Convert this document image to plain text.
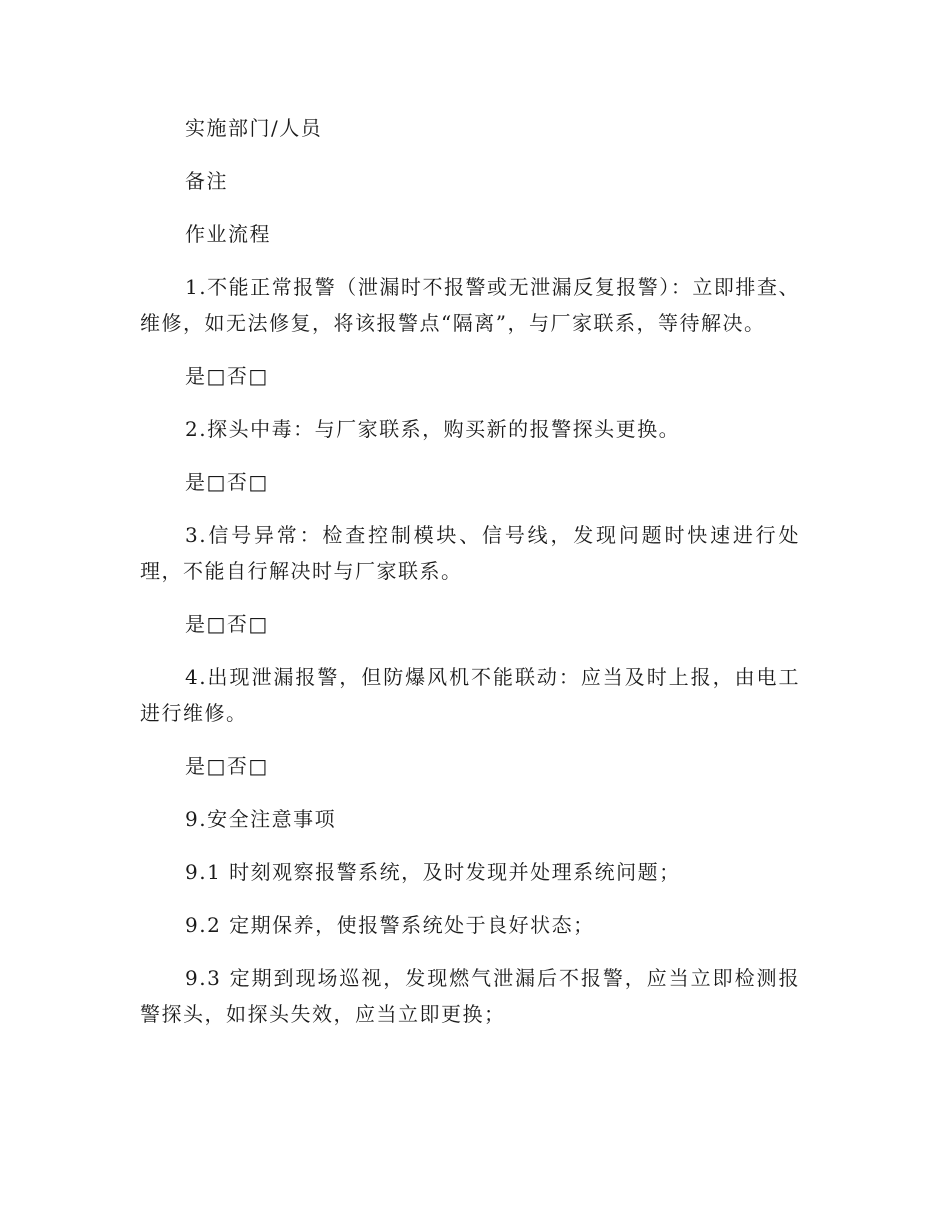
实施部门/人员

备注

作业流程

1.不能正常报警（泄漏时不报警或无泄漏反复报警）：立即排查、维修，如无法修复，将该报警点“隔离”，与厂家联系，等待解决。

是□否□

2.探头中毒：与厂家联系，购买新的报警探头更换。

是□否□

3.信号异常：检查控制模块、信号线，发现问题时快速进行处理，不能自行解决时与厂家联系。

是□否□

4.出现泄漏报警，但防爆风机不能联动：应当及时上报，由电工进行维修。

是□否□

9.安全注意事项

9.1 时刻观察报警系统，及时发现并处理系统问题；

9.2 定期保养，使报警系统处于良好状态；

9.3 定期到现场巡视，发现燃气泄漏后不报警，应当立即检测报警探头，如探头失效，应当立即更换；
